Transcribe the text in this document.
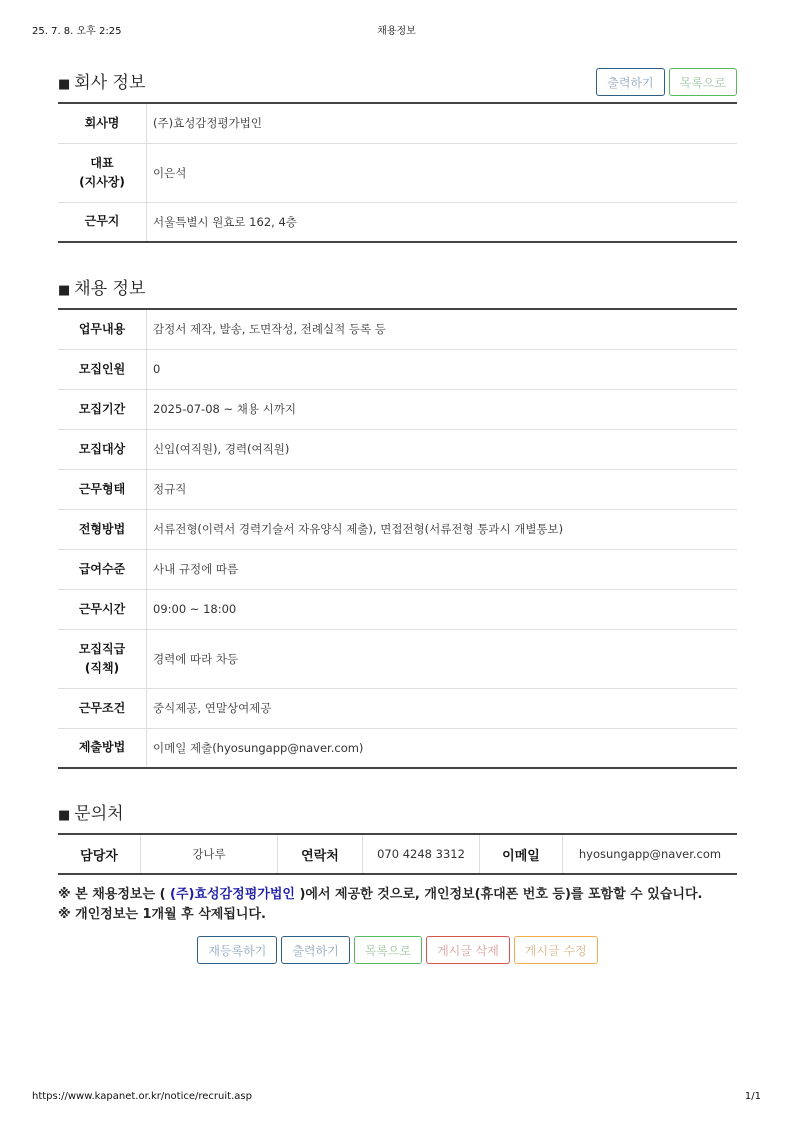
25. 7. 8. 오후 2:25	채용정보
■ 회사 정보	출력하기	목록으로
회사명	(주)효성감정평가법인
대표
(지사장)	이은석
근무지	서울특별시 원효로 162, 4층
■ 채용 정보
업무내용	감정서 제작, 발송, 도면작성, 전례실적 등록 등
모집인원	0
모집기간	2025-07-08 ~ 채용 시까지
모집대상	신입(여직원), 경력(여직원)
근무형태	정규직
전형방법	서류전형(이력서 경력기술서 자유양식 제출), 면접전형(서류전형 통과시 개별통보)
급여수준	사내 규정에 따름
근무시간	09:00 ~ 18:00
모집직급
(직책)	경력에 따라 차등
근무조건	중식제공, 연말상여제공
제출방법	이메일 제출(hyosungapp@naver.com)
■ 문의처
담당자	강나루	연락처	070 4248 3312	이메일	hyosungapp@naver.com
※ 본 채용정보는 ( (주)효성감정평가법인 )에서 제공한 것으로, 개인정보(휴대폰 번호 등)를 포함할 수 있습니다.
※ 개인정보는 1개월 후 삭제됩니다.
재등록하기	출력하기	목록으로	게시글 삭제	게시글 수정
https://www.kapanet.or.kr/notice/recruit.asp	1/1
